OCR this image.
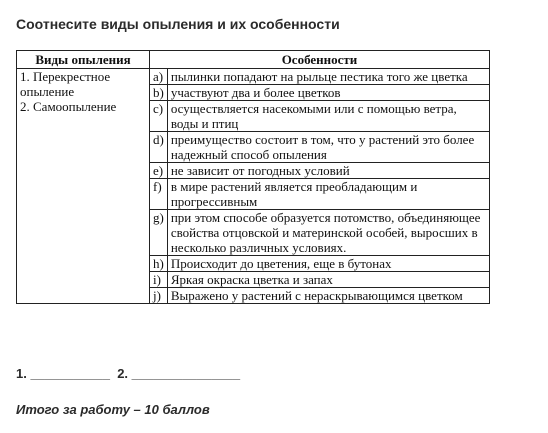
Соотнесите виды опыления и их особенности
Виды опыления	Особенности	

1. Перекрестное опыление
2. Самоопыление	a)	пылинки попадают на рыльце пестика того же цветка
	b)	участвуют два и более цветков
	c)	осуществляется насекомыми или с помощью ветра, воды и птиц
	d)	преимущество состоит в том, что у растений это более надежный способ опыления
	e)	не зависит от погодных условий
	f)	в мире растений является преобладающим и прогрессивным
	g)	при этом способе образуется потомство, объединяющее свойства отцовской и материнской особей, выросших в несколько различных условиях.
	h)	Происходит до цветения, еще в бутонах
	i)	Яркая окраска цветка и запах
	j)	Выражено у растений с нераскрывающимся цветком
1. ___________  2. _______________
Итого за работу – 10 баллов
